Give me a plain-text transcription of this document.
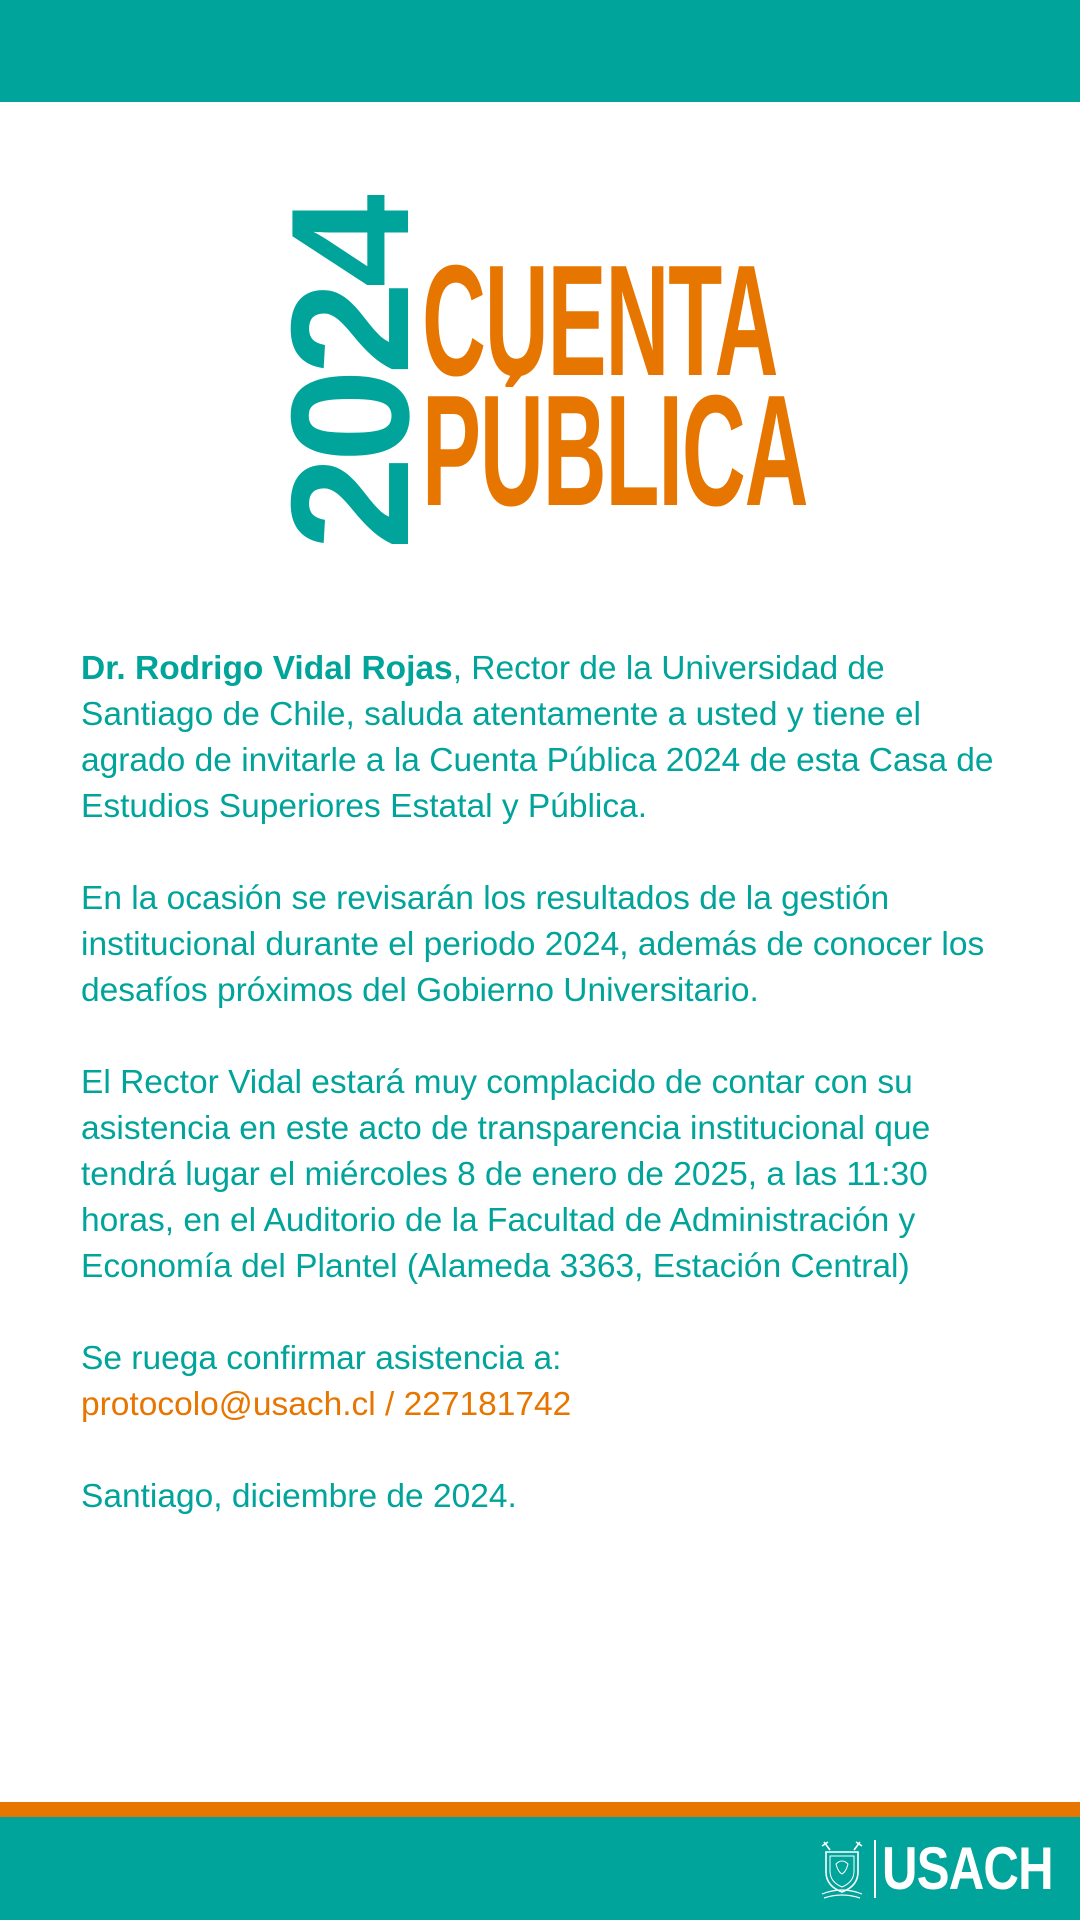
2024
CUENTA
PÚBLICA

Dr. Rodrigo Vidal Rojas, Rector de la Universidad de Santiago de Chile, saluda atentamente a usted y tiene el agrado de invitarle a la Cuenta Pública 2024 de esta Casa de Estudios Superiores Estatal y Pública.

En la ocasión se revisarán los resultados de la gestión institucional durante el periodo 2024, además de conocer los desafíos próximos del Gobierno Universitario.

El Rector Vidal estará muy complacido de contar con su asistencia en este acto de transparencia institucional que tendrá lugar el miércoles 8 de enero de 2025, a las 11:30 horas, en el Auditorio de la Facultad de Administración y Economía del Plantel (Alameda 3363, Estación Central)

Se ruega confirmar asistencia a:
protocolo@usach.cl / 227181742

Santiago, diciembre de 2024.

USACH
